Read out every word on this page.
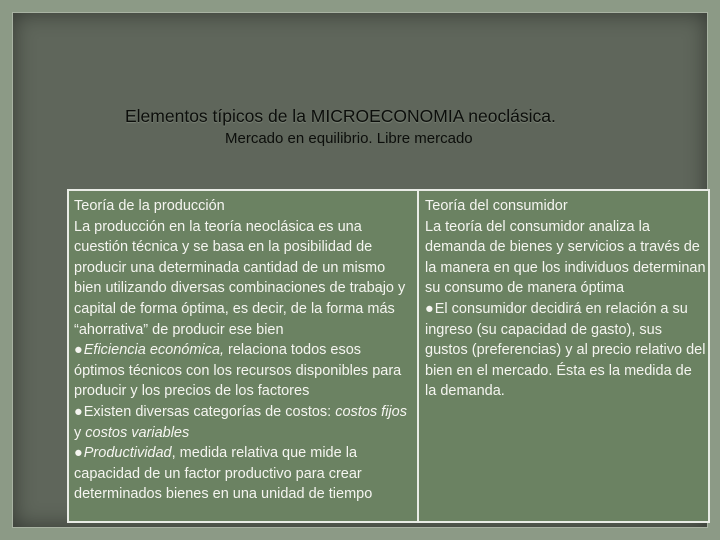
Elementos típicos de la MICROECONOMIA neoclásica.
Mercado en equilibrio. Libre mercado

Teoría de la producción

La producción en la teoría neoclásica es una cuestión técnica y se basa en la posibilidad de producir una determinada cantidad de un mismo bien utilizando diversas combinaciones de trabajo y capital de forma óptima, es decir, de la forma más “ahorrativa” de producir ese bien

●Eficiencia económica, relaciona todos esos óptimos técnicos con los recursos disponibles para producir y los precios de los factores

●Existen diversas categorías de costos: costos fijos y costos variables

●Productividad, medida relativa que mide la capacidad de un factor productivo para crear determinados bienes en una unidad de tiempo

Teoría del consumidor

La teoría del consumidor analiza la demanda de bienes y servicios a través de la manera en que los individuos determinan su consumo de manera óptima

●El consumidor decidirá en relación a su ingreso (su capacidad de gasto), sus gustos (preferencias) y al precio relativo del bien en el mercado. Ésta es la medida de la demanda.
